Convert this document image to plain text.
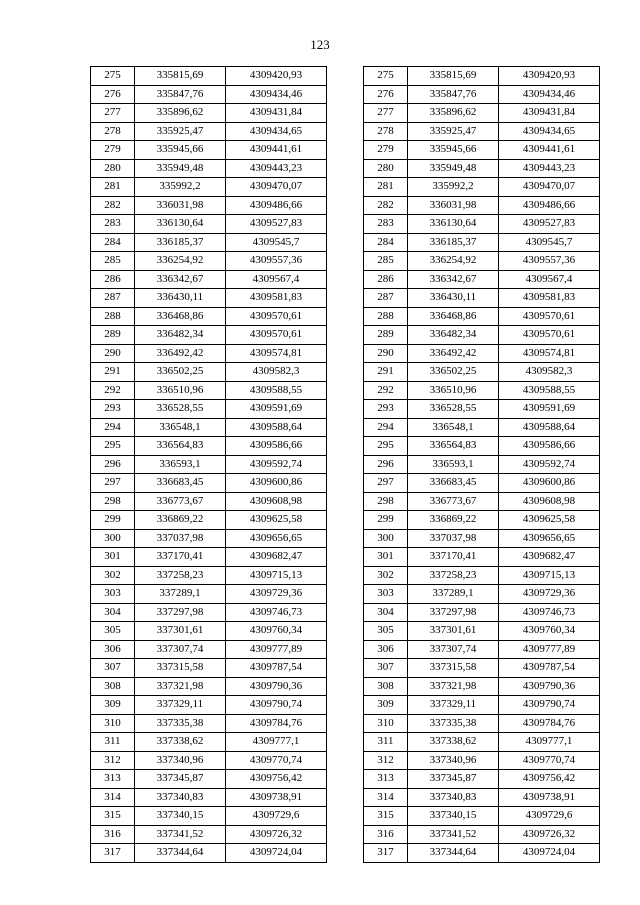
123
275	335815,69	4309420,93
276	335847,76	4309434,46
277	335896,62	4309431,84
278	335925,47	4309434,65
279	335945,66	4309441,61
280	335949,48	4309443,23
281	335992,2	4309470,07
282	336031,98	4309486,66
283	336130,64	4309527,83
284	336185,37	4309545,7
285	336254,92	4309557,36
286	336342,67	4309567,4
287	336430,11	4309581,83
288	336468,86	4309570,61
289	336482,34	4309570,61
290	336492,42	4309574,81
291	336502,25	4309582,3
292	336510,96	4309588,55
293	336528,55	4309591,69
294	336548,1	4309588,64
295	336564,83	4309586,66
296	336593,1	4309592,74
297	336683,45	4309600,86
298	336773,67	4309608,98
299	336869,22	4309625,58
300	337037,98	4309656,65
301	337170,41	4309682,47
302	337258,23	4309715,13
303	337289,1	4309729,36
304	337297,98	4309746,73
305	337301,61	4309760,34
306	337307,74	4309777,89
307	337315,58	4309787,54
308	337321,98	4309790,36
309	337329,11	4309790,74
310	337335,38	4309784,76
311	337338,62	4309777,1
312	337340,96	4309770,74
313	337345,87	4309756,42
314	337340,83	4309738,91
315	337340,15	4309729,6
316	337341,52	4309726,32
317	337344,64	4309724,04
275	335815,69	4309420,93
276	335847,76	4309434,46
277	335896,62	4309431,84
278	335925,47	4309434,65
279	335945,66	4309441,61
280	335949,48	4309443,23
281	335992,2	4309470,07
282	336031,98	4309486,66
283	336130,64	4309527,83
284	336185,37	4309545,7
285	336254,92	4309557,36
286	336342,67	4309567,4
287	336430,11	4309581,83
288	336468,86	4309570,61
289	336482,34	4309570,61
290	336492,42	4309574,81
291	336502,25	4309582,3
292	336510,96	4309588,55
293	336528,55	4309591,69
294	336548,1	4309588,64
295	336564,83	4309586,66
296	336593,1	4309592,74
297	336683,45	4309600,86
298	336773,67	4309608,98
299	336869,22	4309625,58
300	337037,98	4309656,65
301	337170,41	4309682,47
302	337258,23	4309715,13
303	337289,1	4309729,36
304	337297,98	4309746,73
305	337301,61	4309760,34
306	337307,74	4309777,89
307	337315,58	4309787,54
308	337321,98	4309790,36
309	337329,11	4309790,74
310	337335,38	4309784,76
311	337338,62	4309777,1
312	337340,96	4309770,74
313	337345,87	4309756,42
314	337340,83	4309738,91
315	337340,15	4309729,6
316	337341,52	4309726,32
317	337344,64	4309724,04
